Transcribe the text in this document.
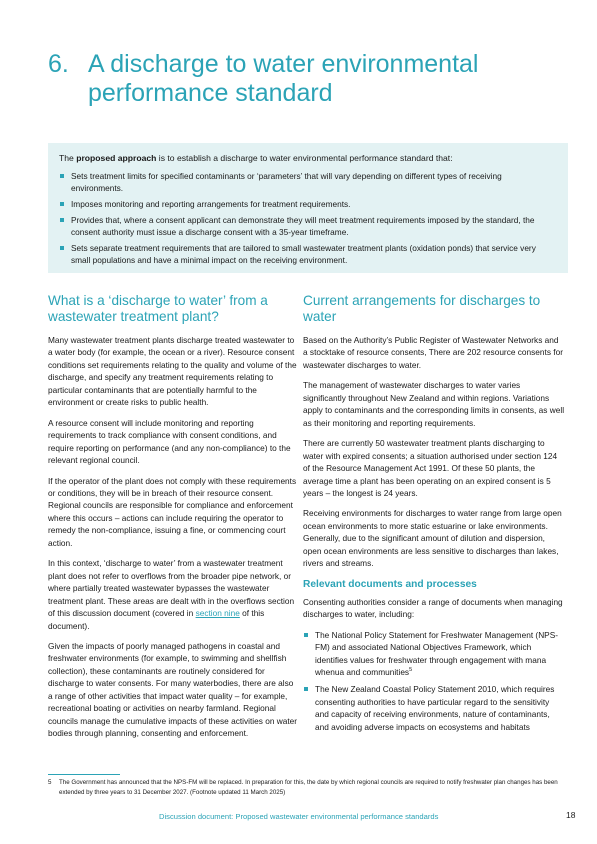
6. A discharge to water environmental performance standard

The proposed approach is to establish a discharge to water environmental performance standard that:

Sets treatment limits for specified contaminants or ‘parameters’ that will vary depending on different types of receiving environments.
Imposes monitoring and reporting arrangements for treatment requirements.
Provides that, where a consent applicant can demonstrate they will meet treatment requirements imposed by the standard, the consent authority must issue a discharge consent with a 35-year timeframe.
Sets separate treatment requirements that are tailored to small wastewater treatment plants (oxidation ponds) that service very small populations and have a minimal impact on the receiving environment.
What is a ‘discharge to water’ from a wastewater treatment plant?

Many wastewater treatment plants discharge treated wastewater to a water body (for example, the ocean or a river). Resource consent conditions set requirements relating to the quality and volume of the discharge, and specify any treatment requirements relating to particular contaminants that are potentially harmful to the environment or create risks to public health.

A resource consent will include monitoring and reporting requirements to track compliance with consent conditions, and require reporting on performance (and any non-compliance) to the relevant regional council.

If the operator of the plant does not comply with these requirements or conditions, they will be in breach of their resource consent. Regional councils are responsible for compliance and enforcement where this occurs – actions can include requiring the operator to remedy the non-compliance, issuing a fine, or commencing court action.

In this context, ‘discharge to water’ from a wastewater treatment plant does not refer to overflows from the broader pipe network, or where partially treated wastewater bypasses the wastewater treatment plant. These areas are dealt with in the overflows section of this discussion document (covered in section nine of this document).

Given the impacts of poorly managed pathogens in coastal and freshwater environments (for example, to swimming and shellfish collection), these contaminants are routinely considered for discharge to water consents. For many waterbodies, there are also a range of other activities that impact water quality – for example, recreational boating or activities on nearby farmland. Regional councils manage the cumulative impacts of these activities on water bodies through planning, consenting and enforcement.

Current arrangements for discharges to water

Based on the Authority’s Public Register of Wastewater Networks and a stocktake of resource consents, There are 202 resource consents for wastewater discharges to water.

The management of wastewater discharges to water varies significantly throughout New Zealand and within regions. Variations apply to contaminants and the corresponding limits in consents, as well as their monitoring and reporting requirements.

There are currently 50 wastewater treatment plants discharging to water with expired consents; a situation authorised under section 124 of the Resource Management Act 1991. Of these 50 plants, the average time a plant has been operating on an expired consent is 5 years – the longest is 24 years.

Receiving environments for discharges to water range from large open ocean environments to more static estuarine or lake environments. Generally, due to the significant amount of dilution and dispersion, open ocean environments are less sensitive to discharges than lakes, rivers and streams.

Relevant documents and processes

Consenting authorities consider a range of documents when managing discharges to water, including:

The National Policy Statement for Freshwater Management (NPS-FM) and associated National Objectives Framework, which identifies values for freshwater through engagement with mana whenua and communities$^5$
The New Zealand Coastal Policy Statement 2010, which requires consenting authorities to have particular regard to the sensitivity and capacity of receiving environments, nature of contaminants, and avoiding adverse impacts on ecosystems and habitats
5 The Government has announced that the NPS-FM will be replaced. In preparation for this, the date by which regional councils are required to notify freshwater plan changes has been extended by three years to 31 December 2027. (Footnote updated 11 March 2025)
Discussion document: Proposed wastewater environmental performance standards	18
